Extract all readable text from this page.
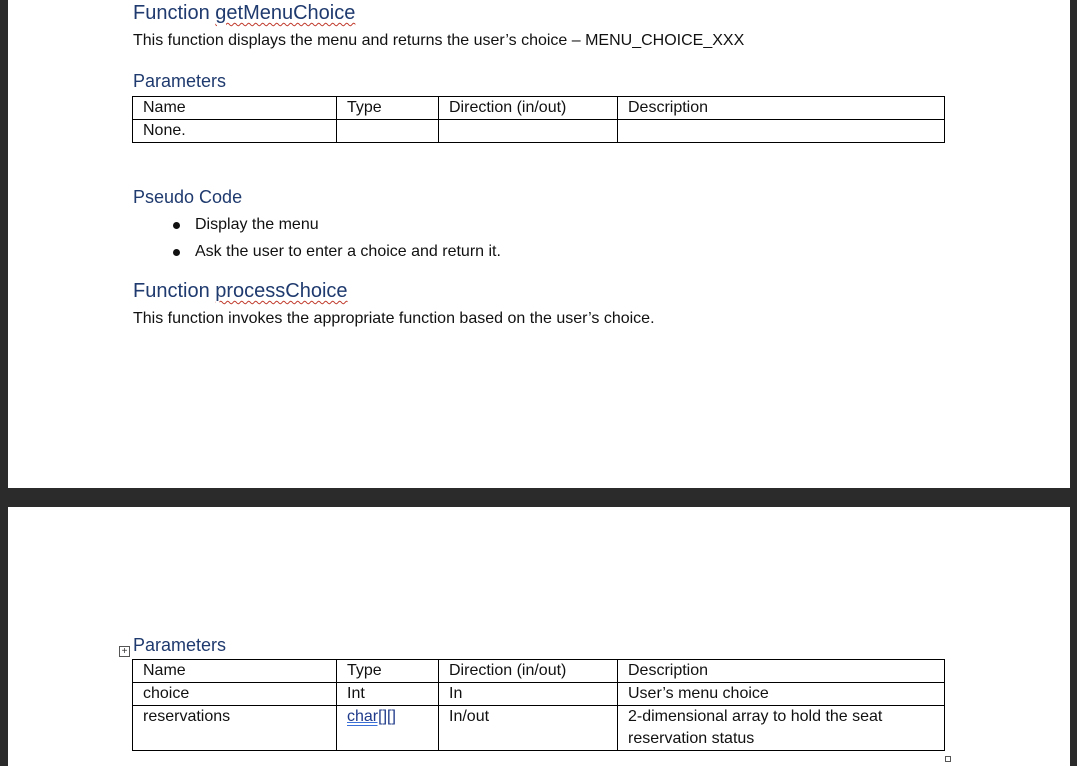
Function getMenuChoice

This function displays the menu and returns the user’s choice – MENU_CHOICE_XXX

Parameters
Name	Type	Direction (in/out)	Description
None.			
Pseudo Code
Display the menu
Ask the user to enter a choice and return it.
Function processChoice

This function invokes the appropriate function based on the user’s choice.

+ Parameters
Name	Type	Direction (in/out)	Description
choice	Int	In	User’s menu choice
reservations	char[][]	In/out	2-dimensional array to hold the seat reservation status
